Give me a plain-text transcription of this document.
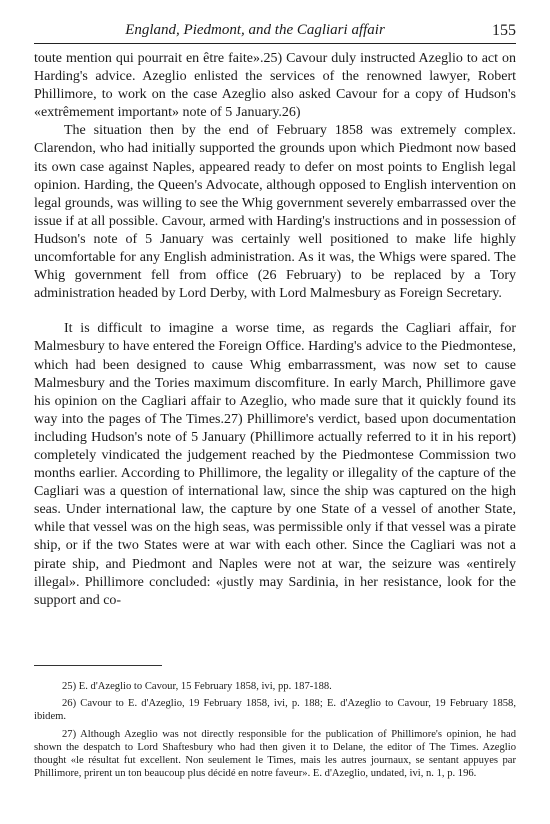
England, Piedmont, and the Cagliari affair	155

toute mention qui pourrait en être faite».25) Cavour duly instructed Azeglio to act on Harding's advice. Azeglio enlisted the services of the renowned lawyer, Robert Phillimore, to work on the case Azeglio also asked Cavour for a copy of Hudson's «extrêmement important» note of 5 January.26)

The situation then by the end of February 1858 was extremely complex. Clarendon, who had initially supported the grounds upon which Piedmont now based its own case against Naples, appeared ready to defer on most points to English legal opinion. Harding, the Queen's Advocate, although opposed to English intervention on legal grounds, was willing to see the Whig government severely embarrassed over the issue if at all possible. Cavour, armed with Harding's instructions and in possession of Hudson's note of 5 January was certainly well positioned to make life highly uncomfortable for any English administration. As it was, the Whigs were spared. The Whig government fell from office (26 February) to be replaced by a Tory administration headed by Lord Derby, with Lord Malmesbury as Foreign Secretary.

It is difficult to imagine a worse time, as regards the Cagliari affair, for Malmesbury to have entered the Foreign Office. Harding's advice to the Piedmontese, which had been designed to cause Whig embarrassment, was now set to cause Malmesbury and the Tories maximum discomfiture. In early March, Phillimore gave his opinion on the Cagliari affair to Azeglio, who made sure that it quickly found its way into the pages of The Times.27) Phillimore's verdict, based upon documentation including Hudson's note of 5 January (Phillimore actually referred to it in his report) completely vindicated the judgement reached by the Piedmontese Commission two months earlier. According to Phillimore, the legality or illegality of the capture of the Cagliari was a question of international law, since the ship was captured on the high seas. Under international law, the capture by one State of a vessel of another State, while that vessel was on the high seas, was permissible only if that vessel was a pirate ship, or if the two States were at war with each other. Since the Cagliari was not a pirate ship, and Piedmont and Naples were not at war, the seizure was «entirely illegal». Phillimore concluded: «justly may Sardinia, in her resistance, look for the support and co-

25) E. d'Azeglio to Cavour, 15 February 1858, ivi, pp. 187-188.

26) Cavour to E. d'Azeglio, 19 February 1858, ivi, p. 188; E. d'Azeglio to Cavour, 19 February 1858, ibidem.

27) Although Azeglio was not directly responsible for the publication of Phillimore's opinion, he had shown the despatch to Lord Shaftesbury who had then given it to Delane, the editor of The Times. Azeglio thought «le résultat fut excellent. Non seulement le Times, mais les autres journaux, se sentant appuyes par Phillimore, prirent un ton beaucoup plus décidé en notre faveur». E. d'Azeglio, undated, ivi, n. 1, p. 196.
